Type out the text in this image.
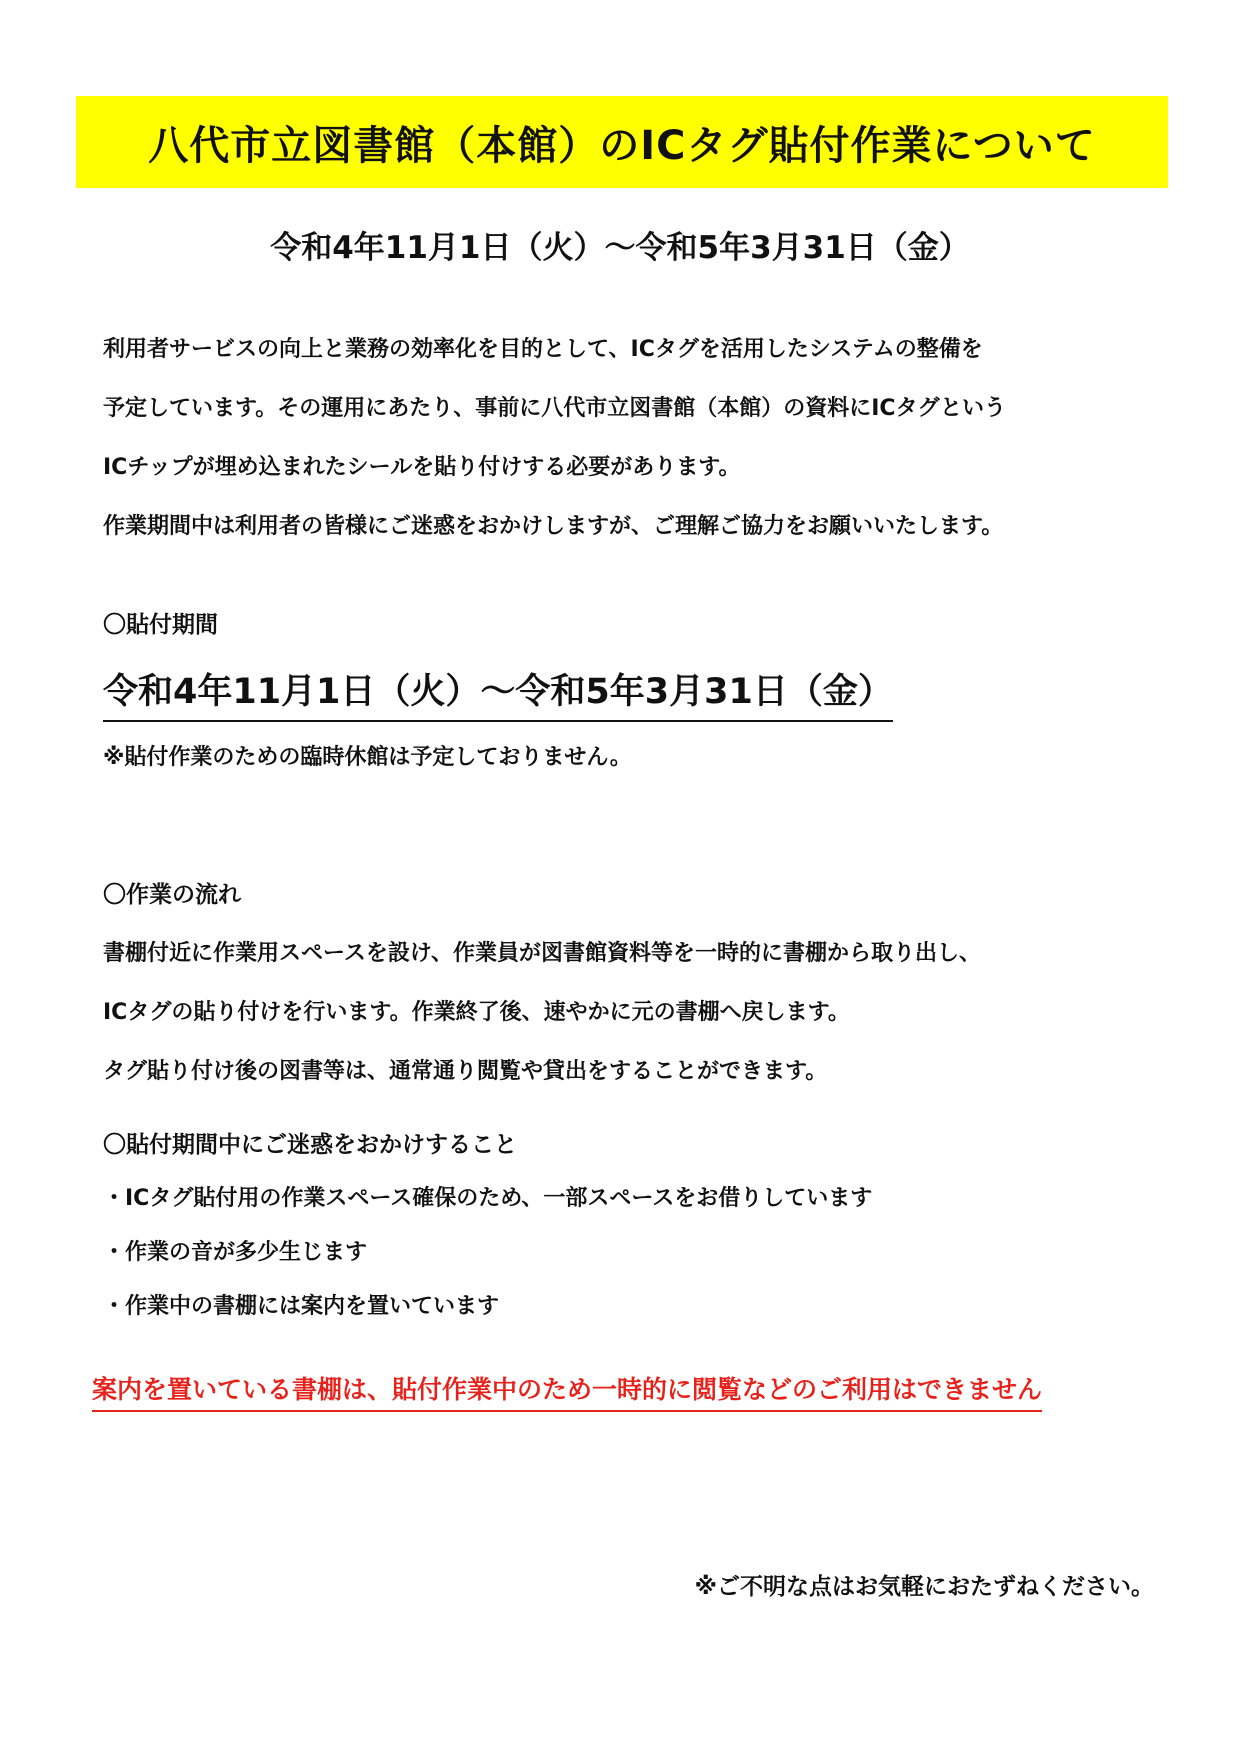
八代市立図書館（本館）のICタグ貼付作業について
令和4年11月1日（火）～令和5年3月31日（金）
利用者サービスの向上と業務の効率化を目的として、ICタグを活用したシステムの整備を
予定しています。その運用にあたり、事前に八代市立図書館（本館）の資料にICタグという
ICチップが埋め込まれたシールを貼り付けする必要があります。
作業期間中は利用者の皆様にご迷惑をおかけしますが、ご理解ご協力をお願いいたします。
〇貼付期間
令和4年11月1日（火）～令和5年3月31日（金）
※貼付作業のための臨時休館は予定しておりません。
〇作業の流れ
書棚付近に作業用スペースを設け、作業員が図書館資料等を一時的に書棚から取り出し、
ICタグの貼り付けを行います。作業終了後、速やかに元の書棚へ戻します。
タグ貼り付け後の図書等は、通常通り閲覧や貸出をすることができます。
〇貼付期間中にご迷惑をおかけすること
・ICタグ貼付用の作業スペース確保のため、一部スペースをお借りしています
・作業の音が多少生じます
・作業中の書棚には案内を置いています
案内を置いている書棚は、貼付作業中のため一時的に閲覧などのご利用はできません
※ご不明な点はお気軽におたずねください。
